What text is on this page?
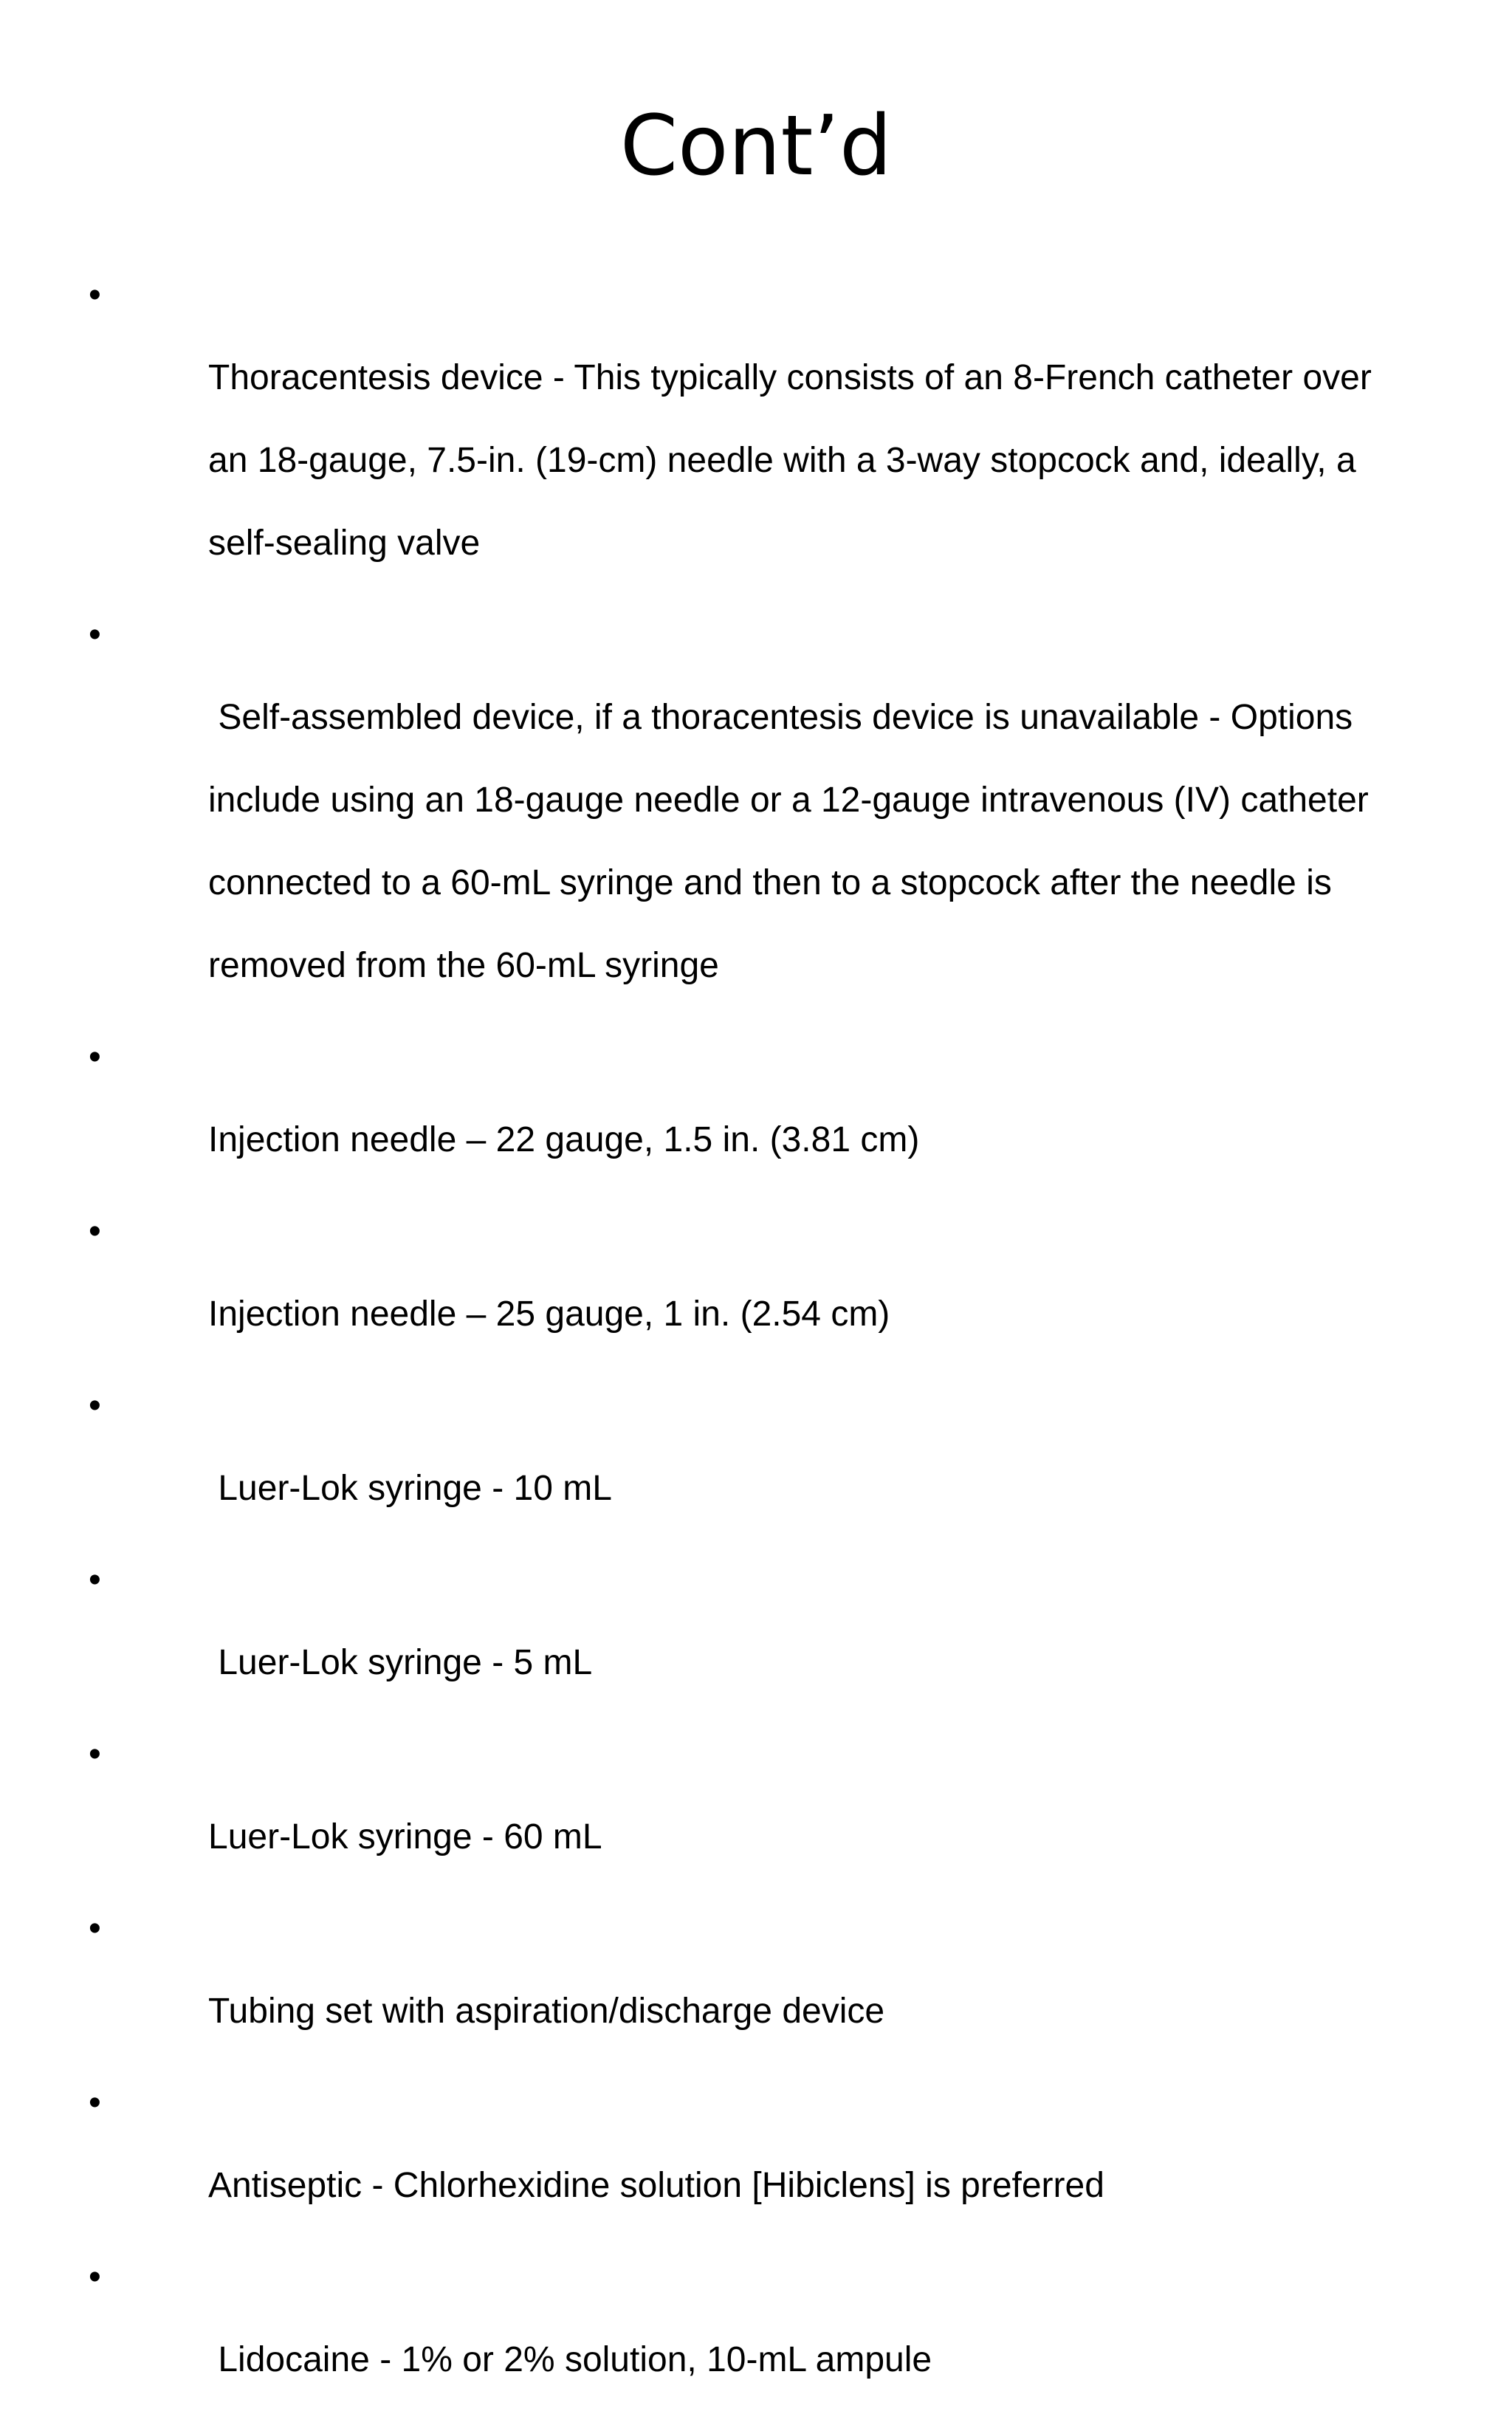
Cont’d

•

Thoracentesis device - This typically consists of an 8-French catheter over

an 18-gauge, 7.5-in. (19-cm) needle with a 3-way stopcock and, ideally, a

self-sealing valve

•

Self-assembled device, if a thoracentesis device is unavailable - Options

include using an 18-gauge needle or a 12-gauge intravenous (IV) catheter

connected to a 60-mL syringe and then to a stopcock after the needle is

removed from the 60-mL syringe

•

Injection needle – 22 gauge, 1.5 in. (3.81 cm)

•

Injection needle – 25 gauge, 1 in. (2.54 cm)

•

Luer-Lok syringe - 10 mL

•

Luer-Lok syringe - 5 mL

•

Luer-Lok syringe - 60 mL

•

Tubing set with aspiration/discharge device

•

Antiseptic - Chlorhexidine solution [Hibiclens] is preferred

•

Lidocaine - 1% or 2% solution, 10-mL ampule
